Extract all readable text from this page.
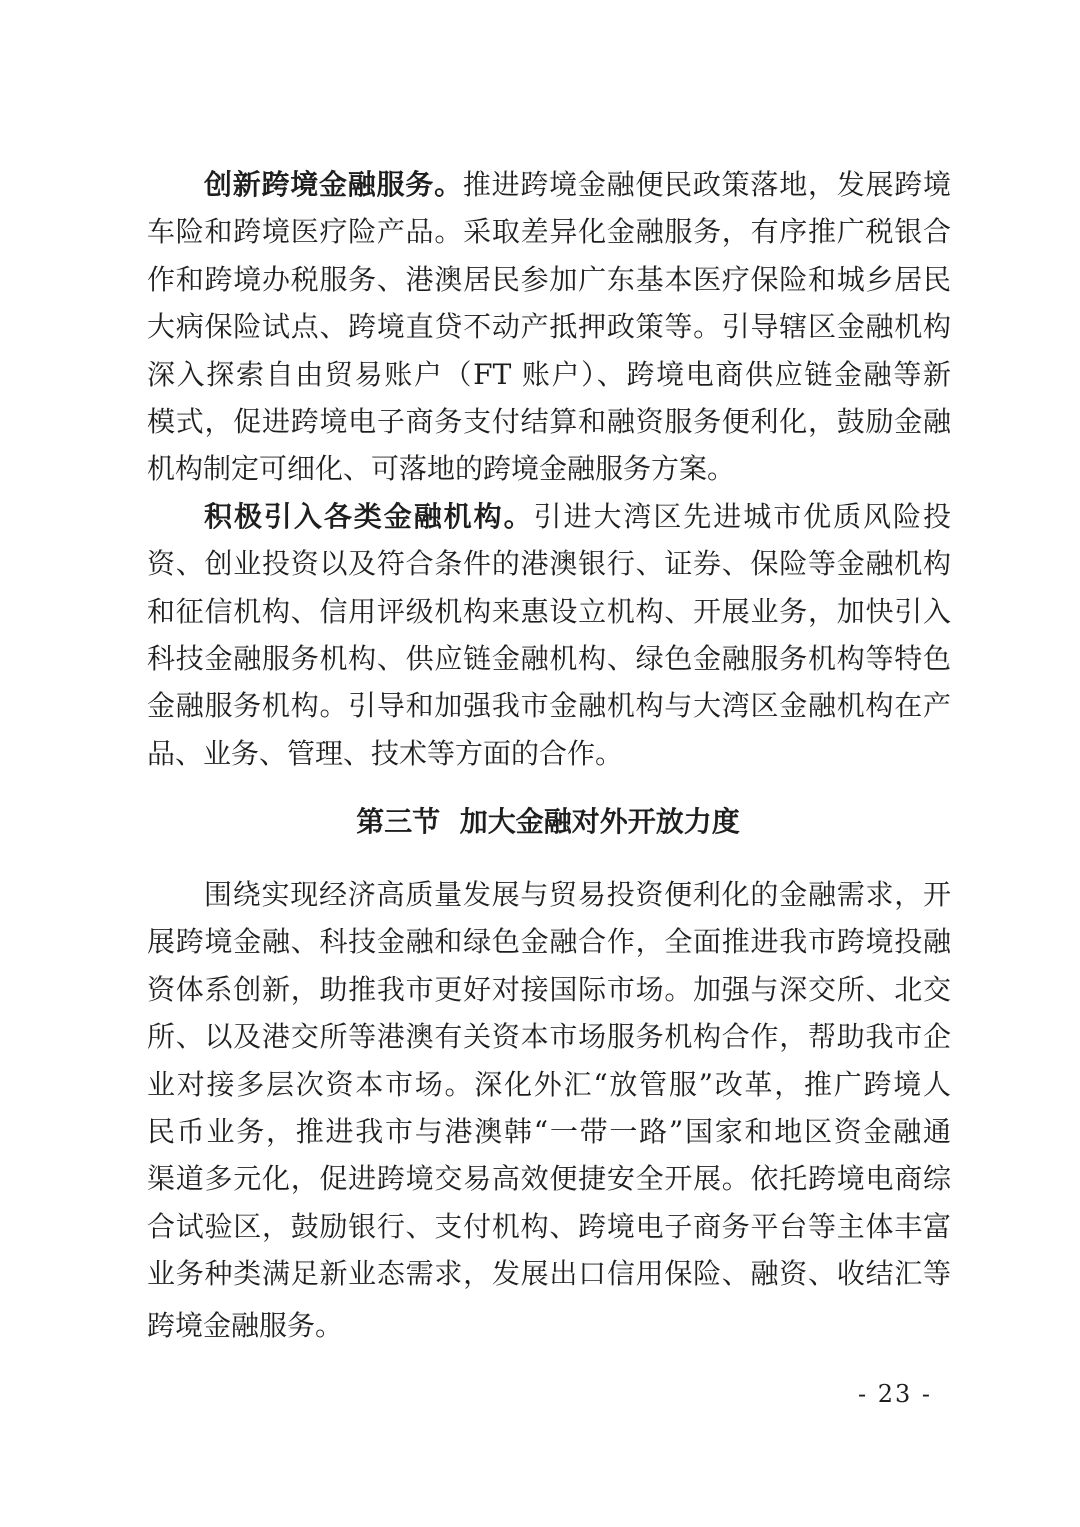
创新跨境金融服务。推进跨境金融便民政策落地，发展跨境
车险和跨境医疗险产品。采取差异化金融服务，有序推广税银合
作和跨境办税服务、港澳居民参加广东基本医疗保险和城乡居民
大病保险试点、跨境直贷不动产抵押政策等。引导辖区金融机构
深入探索自由贸易账户（FT 账户）、跨境电商供应链金融等新
模式，促进跨境电子商务支付结算和融资服务便利化，鼓励金融
机构制定可细化、可落地的跨境金融服务方案。
积极引入各类金融机构。引进大湾区先进城市优质风险投
资、创业投资以及符合条件的港澳银行、证券、保险等金融机构
和征信机构、信用评级机构来惠设立机构、开展业务，加快引入
科技金融服务机构、供应链金融机构、绿色金融服务机构等特色
金融服务机构。引导和加强我市金融机构与大湾区金融机构在产
品、业务、管理、技术等方面的合作。
第三节  加大金融对外开放力度
围绕实现经济高质量发展与贸易投资便利化的金融需求，开
展跨境金融、科技金融和绿色金融合作，全面推进我市跨境投融
资体系创新，助推我市更好对接国际市场。加强与深交所、北交
所、以及港交所等港澳有关资本市场服务机构合作，帮助我市企
业对接多层次资本市场。深化外汇“放管服”改革，推广跨境人
民币业务，推进我市与港澳韩“一带一路”国家和地区资金融通
渠道多元化，促进跨境交易高效便捷安全开展。依托跨境电商综
合试验区，鼓励银行、支付机构、跨境电子商务平台等主体丰富
业务种类满足新业态需求，发展出口信用保险、融资、收结汇等
跨境金融服务。
- 23 -
